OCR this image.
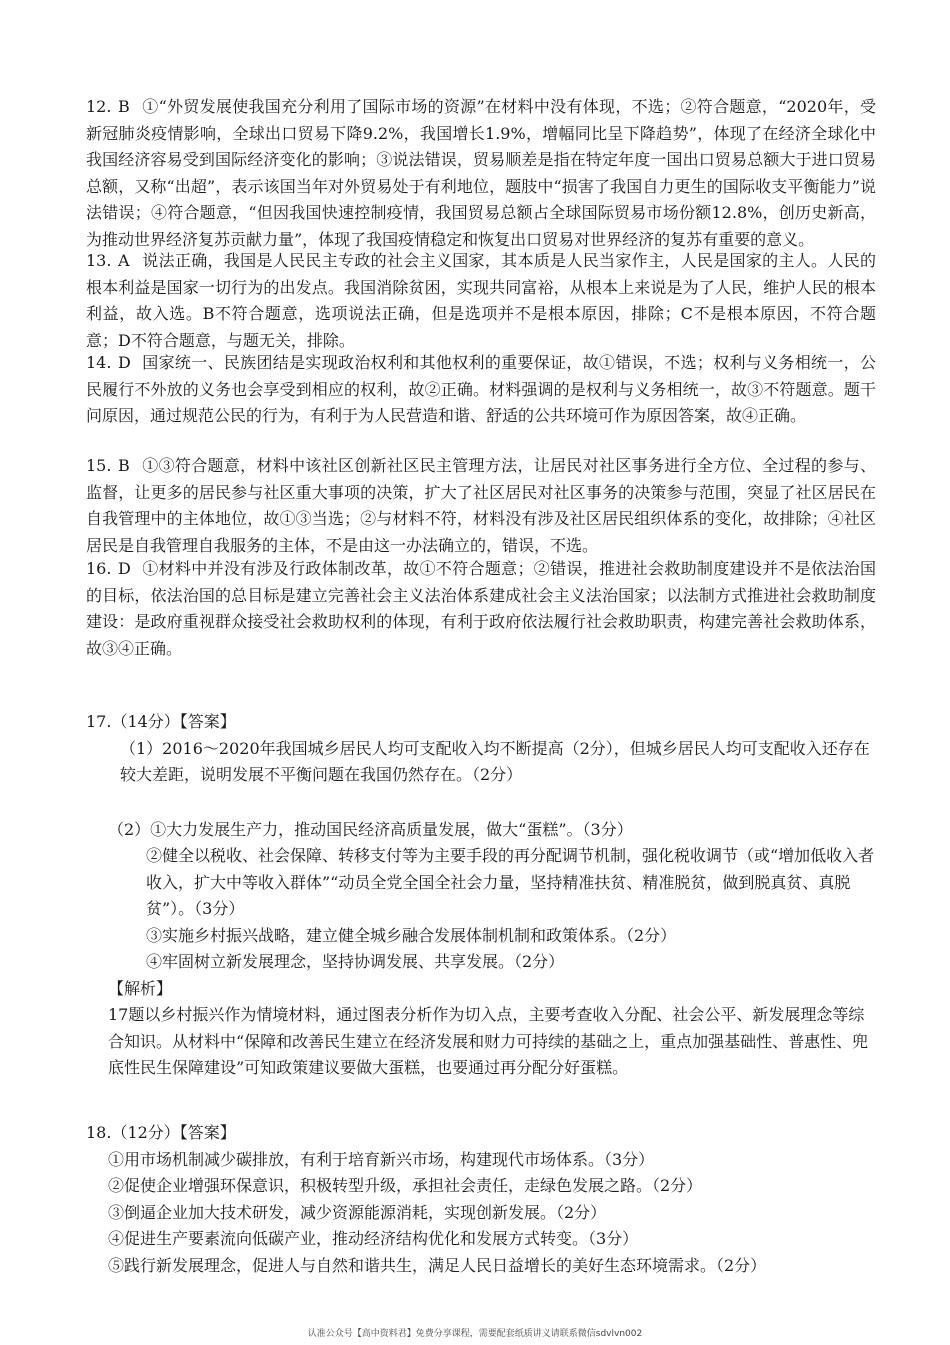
12. B ①“外贸发展使我国充分利用了国际市场的资源”在材料中没有体现，不选；②符合题意，“2020年，受新冠肺炎疫情影响，全球出口贸易下降9.2%，我国增长1.9%，增幅同比呈下降趋势”，体现了在经济全球化中我国经济容易受到国际经济变化的影响；③说法错误，贸易顺差是指在特定年度一国出口贸易总额大于进口贸易总额，又称“出超”，表示该国当年对外贸易处于有利地位，题肢中“损害了我国自力更生的国际收支平衡能力”说法错误；④符合题意，“但因我国快速控制疫情，我国贸易总额占全球国际贸易市场份额12.8%，创历史新高，为推动世界经济复苏贡献力量”，体现了我国疫情稳定和恢复出口贸易对世界经济的复苏有重要的意义。
13. A 说法正确，我国是人民民主专政的社会主义国家，其本质是人民当家作主，人民是国家的主人。人民的根本利益是国家一切行为的出发点。我国消除贫困，实现共同富裕，从根本上来说是为了人民，维护人民的根本利益，故入选。B不符合题意，选项说法正确，但是选项并不是根本原因，排除；C不是根本原因，不符合题意；D不符合题意，与题无关，排除。
14. D 国家统一、民族团结是实现政治权利和其他权利的重要保证，故①错误，不选；权利与义务相统一，公民履行不外放的义务也会享受到相应的权利，故②正确。材料强调的是权利与义务相统一，故③不符题意。题干问原因，通过规范公民的行为，有利于为人民营造和谐、舒适的公共环境可作为原因答案，故④正确。
15. B ①③符合题意，材料中该社区创新社区民主管理方法，让居民对社区事务进行全方位、全过程的参与、监督，让更多的居民参与社区重大事项的决策，扩大了社区居民对社区事务的决策参与范围，突显了社区居民在自我管理中的主体地位，故①③当选；②与材料不符，材料没有涉及社区居民组织体系的变化，故排除；④社区居民是自我管理自我服务的主体，不是由这一办法确立的，错误，不选。
16. D ①材料中并没有涉及行政体制改革，故①不符合题意；②错误，推进社会救助制度建设并不是依法治国的目标，依法治国的总目标是建立完善社会主义法治体系建成社会主义法治国家；以法制方式推进社会救助制度建设：是政府重视群众接受社会救助权利的体现，有利于政府依法履行社会救助职责，构建完善社会救助体系，故③④正确。
17.（14分）【答案】
（1）2016～2020年我国城乡居民人均可支配收入均不断提高（2分），但城乡居民人均可支配收入还存在较大差距，说明发展不平衡问题在我国仍然存在。（2分）
（2）①大力发展生产力，推动国民经济高质量发展，做大“蛋糕”。（3分）
②健全以税收、社会保障、转移支付等为主要手段的再分配调节机制，强化税收调节（或“增加低收入者收入，扩大中等收入群体”“动员全党全国全社会力量，坚持精准扶贫、精准脱贫，做到脱真贫、真脱贫”）。（3分）
③实施乡村振兴战略，建立健全城乡融合发展体制机制和政策体系。（2分）
④牢固树立新发展理念，坚持协调发展、共享发展。（2分）
【解析】
17题以乡村振兴作为情境材料，通过图表分析作为切入点，主要考查收入分配、社会公平、新发展理念等综合知识。从材料中“保障和改善民生建立在经济发展和财力可持续的基础之上，重点加强基础性、普惠性、兜底性民生保障建设”可知政策建议要做大蛋糕，也要通过再分配分好蛋糕。
18.（12分）【答案】
①用市场机制减少碳排放，有利于培育新兴市场，构建现代市场体系。（3分）
②促使企业增强环保意识，积极转型升级，承担社会责任，走绿色发展之路。（2分）
③倒逼企业加大技术研发，减少资源能源消耗，实现创新发展。（2分）
④促进生产要素流向低碳产业，推动经济结构优化和发展方式转变。（3分）
⑤践行新发展理念，促进人与自然和谐共生，满足人民日益增长的美好生态环境需求。（2分）
认准公众号【高中资料君】免费分享课程，需要配套纸质讲义请联系微信sdvlvn002
